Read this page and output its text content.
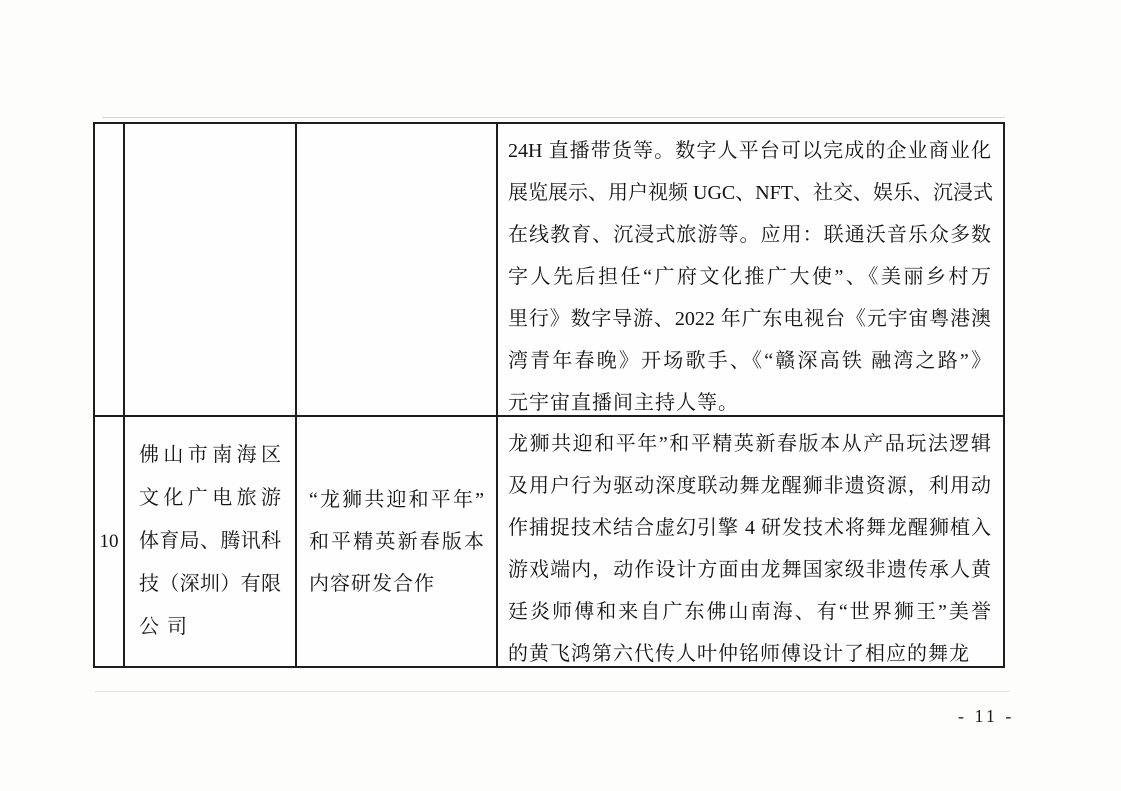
24H 直播带货等。数字人平台可以完成的企业商业化
展览展示、用户视频 UGC、NFT、社交、娱乐、沉浸式
在线教育、沉浸式旅游等。应用：联通沃音乐众多数
字人先后担任“广府文化推广大使”、《美丽乡村万
里行》数字导游、2022 年广东电视台《元宇宙粤港澳
湾青年春晚》开场歌手、《“赣深高铁 融湾之路”》
元宇宙直播间主持人等。
10
佛山市南海区
文化广电旅游
体育局、腾讯科
技（深圳）有限
公司
“龙狮共迎和平年”
和平精英新春版本
内容研发合作
龙狮共迎和平年”和平精英新春版本从产品玩法逻辑
及用户行为驱动深度联动舞龙醒狮非遗资源，利用动
作捕捉技术结合虚幻引擎 4 研发技术将舞龙醒狮植入
游戏端内，动作设计方面由龙舞国家级非遗传承人黄
廷炎师傅和来自广东佛山南海、有“世界狮王”美誉
的黄飞鸿第六代传人叶仲铭师傅设计了相应的舞龙
- 11 -
